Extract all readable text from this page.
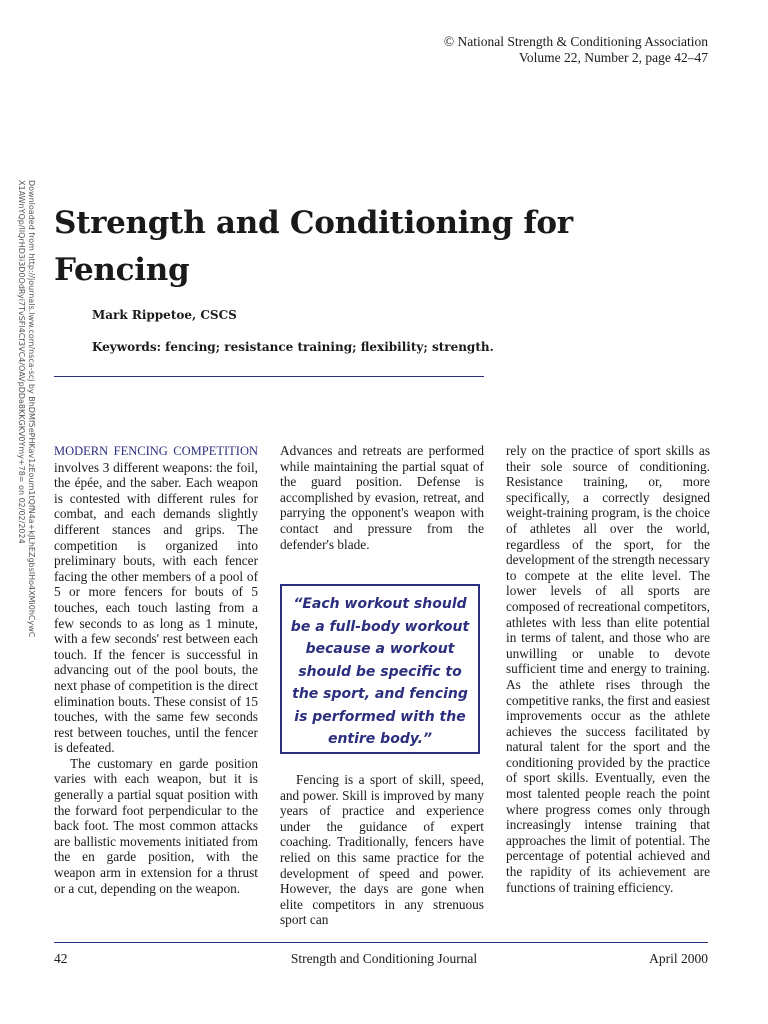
© National Strength & Conditioning Association
Volume 22, Number 2, page 42–47
Downloaded from http://journals.lww.com/nsca-scj by BhDMf5ePHKav1zEoum1tQfN4a+kJLhEZgbsIHo4XMi0hCywC
X1AWnYQp/IlQrHD3i3D0OdRyi7TvSFl4Cf3VC4/OAVpDDa8KKGKV0Ymy+78= on 02/02/2024 Strength and Conditioning for Fencing
Mark Rippetoe, CSCS
Keywords: fencing; resistance training; flexibility; strength.

MODERN FENCING COMPETITION involves 3 different weapons: the foil, the épée, and the saber. Each weapon is contested with different rules for combat, and each demands slightly different stances and grips. The competition is organized into preliminary bouts, with each fencer facing the other members of a pool of 5 or more fencers for bouts of 5 touches, each touch lasting from a few seconds to as long as 1 minute, with a few seconds' rest between each touch. If the fencer is successful in advancing out of the pool bouts, the next phase of competition is the direct elimination bouts. These consist of 15 touches, with the same few seconds rest between touches, until the fencer is defeated.

The customary en garde position varies with each weapon, but it is generally a partial squat position with the forward foot perpendicular to the back foot. The most common attacks are ballistic movements initiated from the en garde position, with the weapon arm in extension for a thrust or a cut, depending on the weapon.

Advances and retreats are performed while maintaining the partial squat of the guard position. Defense is accomplished by evasion, retreat, and parrying the opponent's weapon with contact and pressure from the defender's blade.

“Each workout should be a full-body workout because a workout should be specific to the sport, and fencing is performed with the entire body.”

Fencing is a sport of skill, speed, and power. Skill is improved by many years of practice and experience under the guidance of expert coaching. Traditionally, fencers have relied on this same practice for the development of speed and power. However, the days are gone when elite competitors in any strenuous sport can

rely on the practice of sport skills as their sole source of conditioning. Resistance training, or, more specifically, a correctly designed weight-training program, is the choice of athletes all over the world, regardless of the sport, for the development of the strength necessary to compete at the elite level. The lower levels of all sports are composed of recreational competitors, athletes with less than elite potential in terms of talent, and those who are unwilling or unable to devote sufficient time and energy to training. As the athlete rises through the competitive ranks, the first and easiest improvements occur as the athlete achieves the success facilitated by natural talent for the sport and the conditioning provided by the practice of sport skills. Eventually, even the most talented people reach the point where progress comes only through increasingly intense training that approaches the limit of potential. The percentage of potential achieved and the rapidity of its achievement are functions of training efficiency.

42	Strength and Conditioning Journal	April 2000
